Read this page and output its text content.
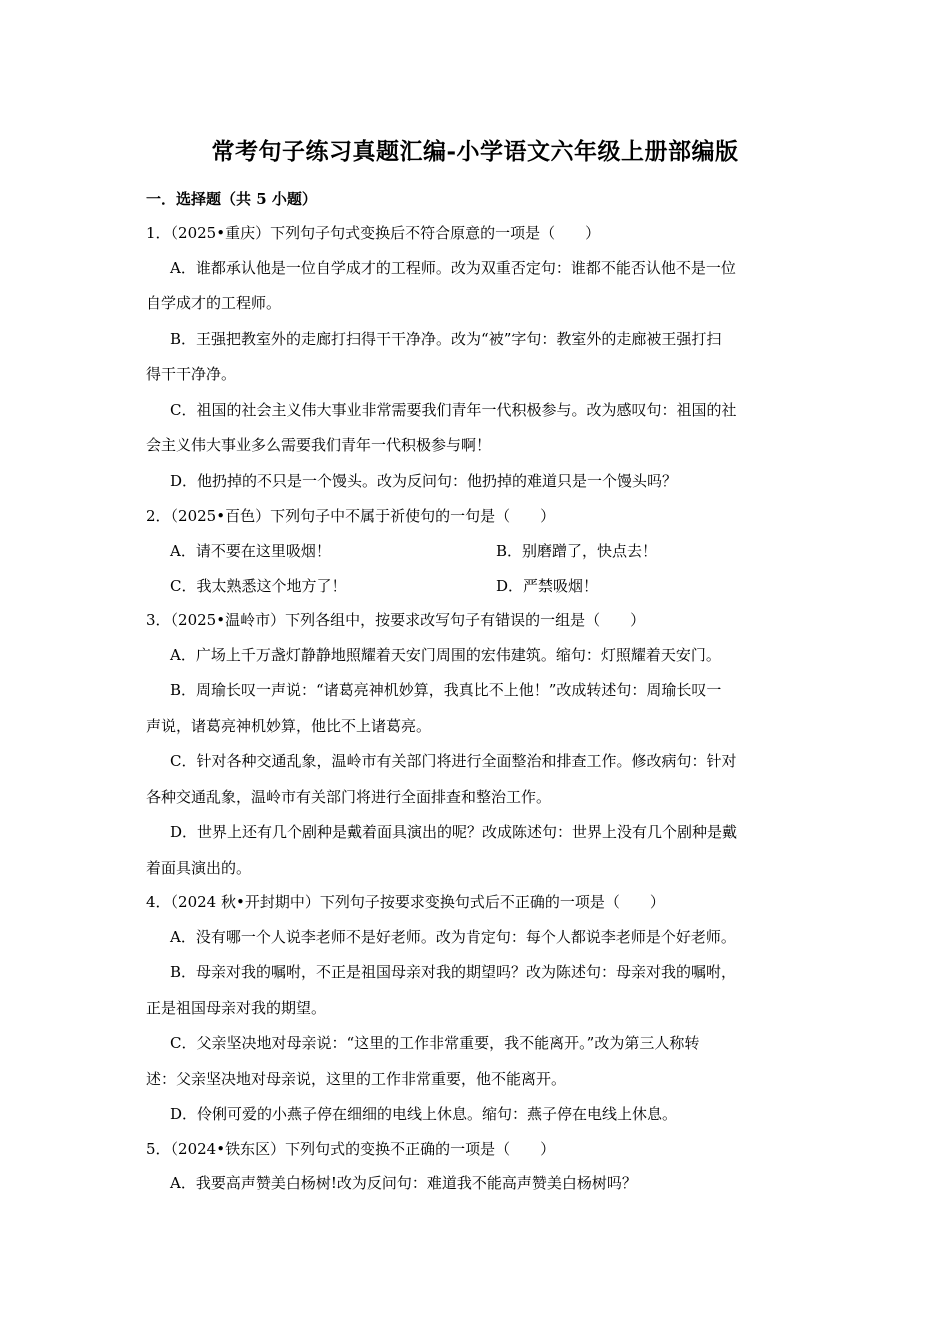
常考句子练习真题汇编-小学语文六年级上册部编版
一．选择题（共 5 小题）
1．（2025•重庆）下列句子句式变换后不符合原意的一项是（　　）
A．谁都承认他是一位自学成才的工程师。改为双重否定句：谁都不能否认他不是一位
自学成才的工程师。
B．王强把教室外的走廊打扫得干干净净。改为“被”字句：教室外的走廊被王强打扫
得干干净净。
C．祖国的社会主义伟大事业非常需要我们青年一代积极参与。改为感叹句：祖国的社
会主义伟大事业多么需要我们青年一代积极参与啊！
D．他扔掉的不只是一个馒头。改为反问句：他扔掉的难道只是一个馒头吗？
2．（2025•百色）下列句子中不属于祈使句的一句是（　　）
A．请不要在这里吸烟！	B．别磨蹭了，快点去！
C．我太熟悉这个地方了！	D．严禁吸烟！
3．（2025•温岭市）下列各组中，按要求改写句子有错误的一组是（　　）
A．广场上千万盏灯静静地照耀着天安门周围的宏伟建筑。缩句：灯照耀着天安门。
B．周瑜长叹一声说：“诸葛亮神机妙算，我真比不上他！”改成转述句：周瑜长叹一
声说，诸葛亮神机妙算，他比不上诸葛亮。
C．针对各种交通乱象，温岭市有关部门将进行全面整治和排查工作。修改病句：针对
各种交通乱象，温岭市有关部门将进行全面排查和整治工作。
D．世界上还有几个剧种是戴着面具演出的呢？改成陈述句：世界上没有几个剧种是戴
着面具演出的。
4．（2024 秋•开封期中）下列句子按要求变换句式后不正确的一项是（　　）
A．没有哪一个人说李老师不是好老师。改为肯定句：每个人都说李老师是个好老师。
B．母亲对我的嘱咐，不正是祖国母亲对我的期望吗？改为陈述句：母亲对我的嘱咐，
正是祖国母亲对我的期望。
C．父亲坚决地对母亲说：“这里的工作非常重要，我不能离开。”改为第三人称转
述：父亲坚决地对母亲说，这里的工作非常重要，他不能离开。
D．伶俐可爱的小燕子停在细细的电线上休息。缩句：燕子停在电线上休息。
5．（2024•铁东区）下列句式的变换不正确的一项是（　　）
A．我要高声赞美白杨树!改为反问句：难道我不能高声赞美白杨树吗？
